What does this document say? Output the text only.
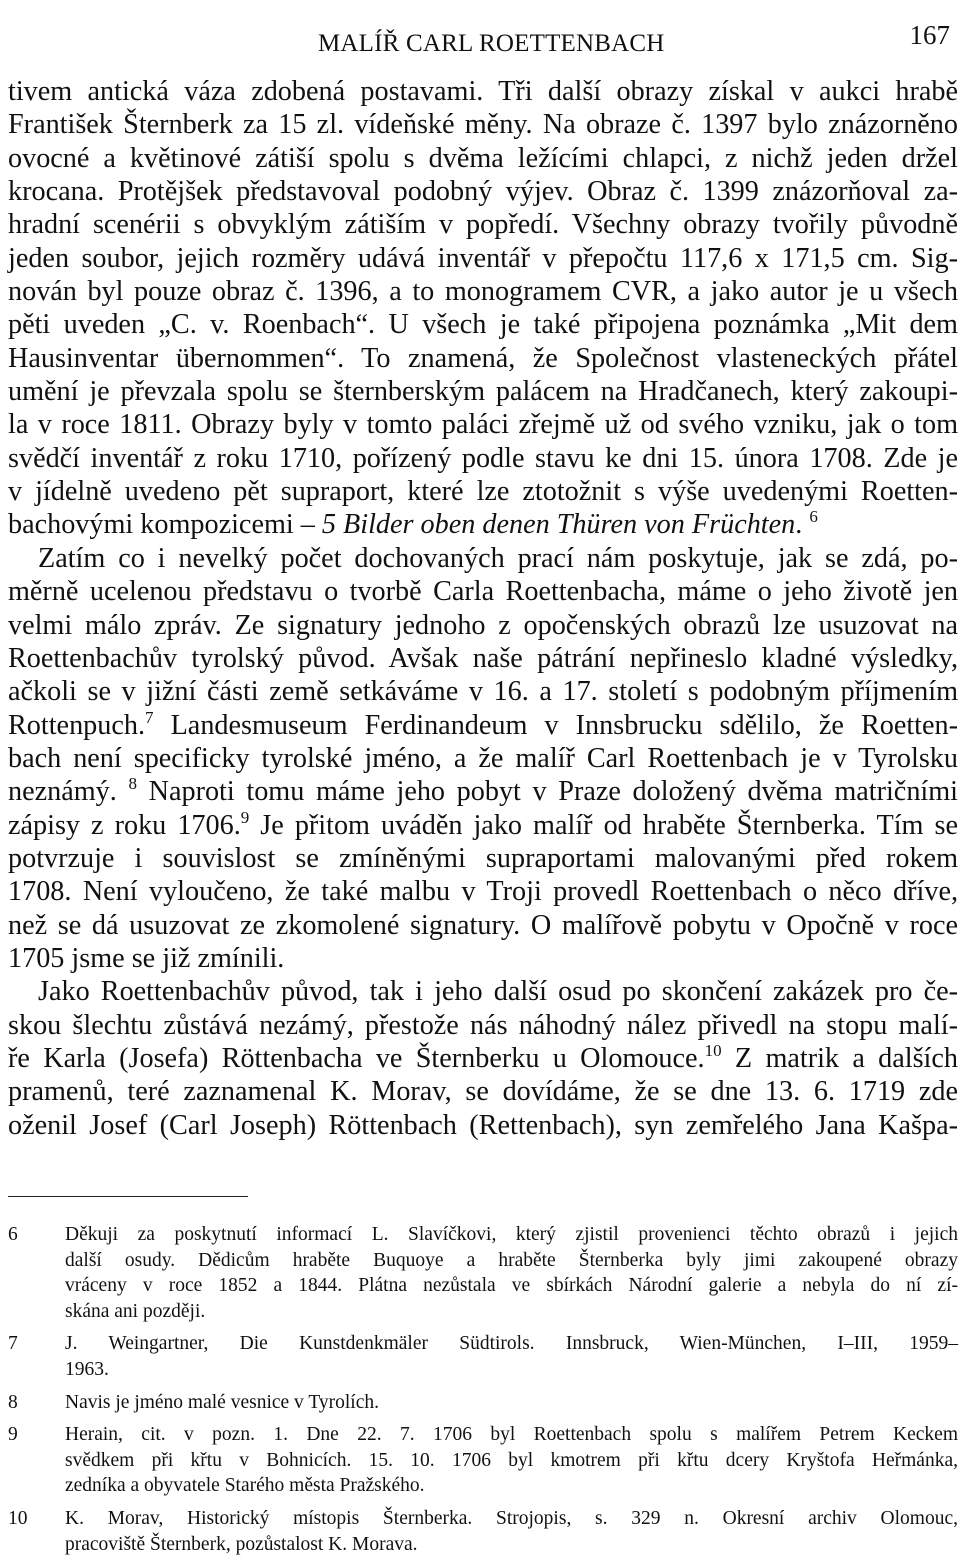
MALÍŘ CARL ROETTENBACH	167
tivem antická váza zdobená postavami. Tři další obrazy získal v aukci hrabě
František Šternberk za 15 zl. vídeňské měny. Na obraze č. 1397 bylo znázorněno
ovocné a květinové zátiší spolu s dvěma ležícími chlapci, z nichž jeden držel
krocana. Protějšek představoval podobný výjev. Obraz č. 1399 znázorňoval za-
hradní scenérii s obvyklým zátiším v popředí. Všechny obrazy tvořily původně
jeden soubor, jejich rozměry udává inventář v přepočtu 117,6 x 171,5 cm. Sig-
nován byl pouze obraz č. 1396, a to monogramem CVR, a jako autor je u všech
pěti uveden „C. v. Roenbach“. U všech je také připojena poznámka „Mit dem
Hausinventar übernommen“. To znamená, že Společnost vlasteneckých přátel
umění je převzala spolu se šternberským palácem na Hradčanech, který zakoupi-
la v roce 1811. Obrazy byly v tomto paláci zřejmě už od svého vzniku, jak o tom
svědčí inventář z roku 1710, pořízený podle stavu ke dni 15. února 1708. Zde je
v jídelně uvedeno pět supraport, které lze ztotožnit s výše uvedenými Roetten-
bachovými kompozicemi – 5 Bilder oben denen Thüren von Früchten. $^6$
Zatím co i nevelký počet dochovaných prací nám poskytuje, jak se zdá, po-
měrně ucelenou představu o tvorbě Carla Roettenbacha, máme o jeho životě jen
velmi málo zpráv. Ze signatury jednoho z opočenských obrazů lze usuzovat na
Roettenbachův tyrolský původ. Avšak naše pátrání nepřineslo kladné výsledky,
ačkoli se v jižní části země setkáváme v 16. a 17. století s podobným příjmením
Rottenpuch.$^7$ Landesmuseum Ferdinandeum v Innsbrucku sdělilo, že Roetten-
bach není specificky tyrolské jméno, a že malíř Carl Roettenbach je v Tyrolsku
neznámý. $^8$ Naproti tomu máme jeho pobyt v Praze doložený dvěma matričními
zápisy z roku 1706.$^9$ Je přitom uváděn jako malíř od hraběte Šternberka. Tím se
potvrzuje i souvislost se zmíněnými supraportami malovanými před rokem
1708. Není vyloučeno, že také malbu v Troji provedl Roettenbach o něco dříve,
než se dá usuzovat ze zkomolené signatury. O malířově pobytu v Opočně v roce
1705 jsme se již zmínili.
Jako Roettenbachův původ, tak i jeho další osud po skončení zakázek pro če-
skou šlechtu zůstává nezámý, přestože nás náhodný nález přivedl na stopu malí-
ře Karla (Josefa) Röttenbacha ve Šternberku u Olomouce.$^{10}$ Z matrik a dalších
pramenů, teré zaznamenal K. Morav, se dovídáme, že se dne 13. 6. 1719 zde
oženil Josef (Carl Joseph) Röttenbach (Rettenbach), syn zemřelého Jana Kašpa-
6 Děkuji za poskytnutí informací L. Slavíčkovi, který zjistil provenienci těchto obrazů i jejich
další osudy. Dědicům hraběte Buquoye a hraběte Šternberka byly jimi zakoupené obrazy
vráceny v roce 1852 a 1844. Plátna nezůstala ve sbírkách Národní galerie a nebyla do ní zí-
skána ani později.
7 J. Weingartner, Die Kunstdenkmäler Südtirols. Innsbruck, Wien-München, I–III, 1959–
1963.
8 Navis je jméno malé vesnice v Tyrolích.
9 Herain, cit. v pozn. 1. Dne 22. 7. 1706 byl Roettenbach spolu s malířem Petrem Keckem
svědkem při křtu v Bohnicích. 15. 10. 1706 byl kmotrem při křtu dcery Kryštofa Heřmánka,
zedníka a obyvatele Starého města Pražského.
10 K. Morav, Historický místopis Šternberka. Strojopis, s. 329 n. Okresní archiv Olomouc,
pracoviště Šternberk, pozůstalost K. Morava.
